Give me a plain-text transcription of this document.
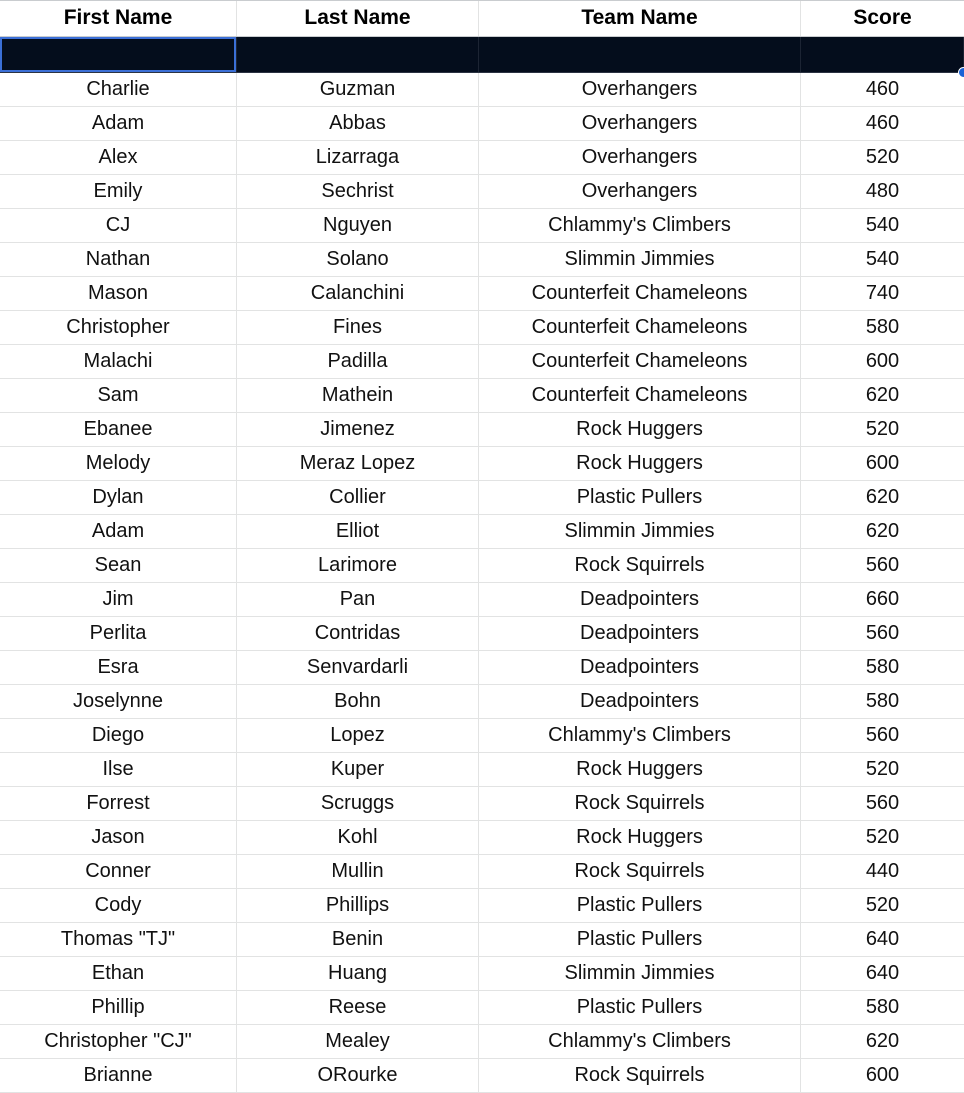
First Name	Last Name	Team Name	Score
Charlie	Guzman	Overhangers	460
Adam	Abbas	Overhangers	460
Alex	Lizarraga	Overhangers	520
Emily	Sechrist	Overhangers	480
CJ	Nguyen	Chlammy's Climbers	540
Nathan	Solano	Slimmin Jimmies	540
Mason	Calanchini	Counterfeit Chameleons	740
Christopher	Fines	Counterfeit Chameleons	580
Malachi	Padilla	Counterfeit Chameleons	600
Sam	Mathein	Counterfeit Chameleons	620
Ebanee	Jimenez	Rock Huggers	520
Melody	Meraz Lopez	Rock Huggers	600
Dylan	Collier	Plastic Pullers	620
Adam	Elliot	Slimmin Jimmies	620
Sean	Larimore	Rock Squirrels	560
Jim	Pan	Deadpointers	660
Perlita	Contridas	Deadpointers	560
Esra	Senvardarli	Deadpointers	580
Joselynne	Bohn	Deadpointers	580
Diego	Lopez	Chlammy's Climbers	560
Ilse	Kuper	Rock Huggers	520
Forrest	Scruggs	Rock Squirrels	560
Jason	Kohl	Rock Huggers	520
Conner	Mullin	Rock Squirrels	440
Cody	Phillips	Plastic Pullers	520
Thomas "TJ"	Benin	Plastic Pullers	640
Ethan	Huang	Slimmin Jimmies	640
Phillip	Reese	Plastic Pullers	580
Christopher "CJ"	Mealey	Chlammy's Climbers	620
Brianne	ORourke	Rock Squirrels	600
